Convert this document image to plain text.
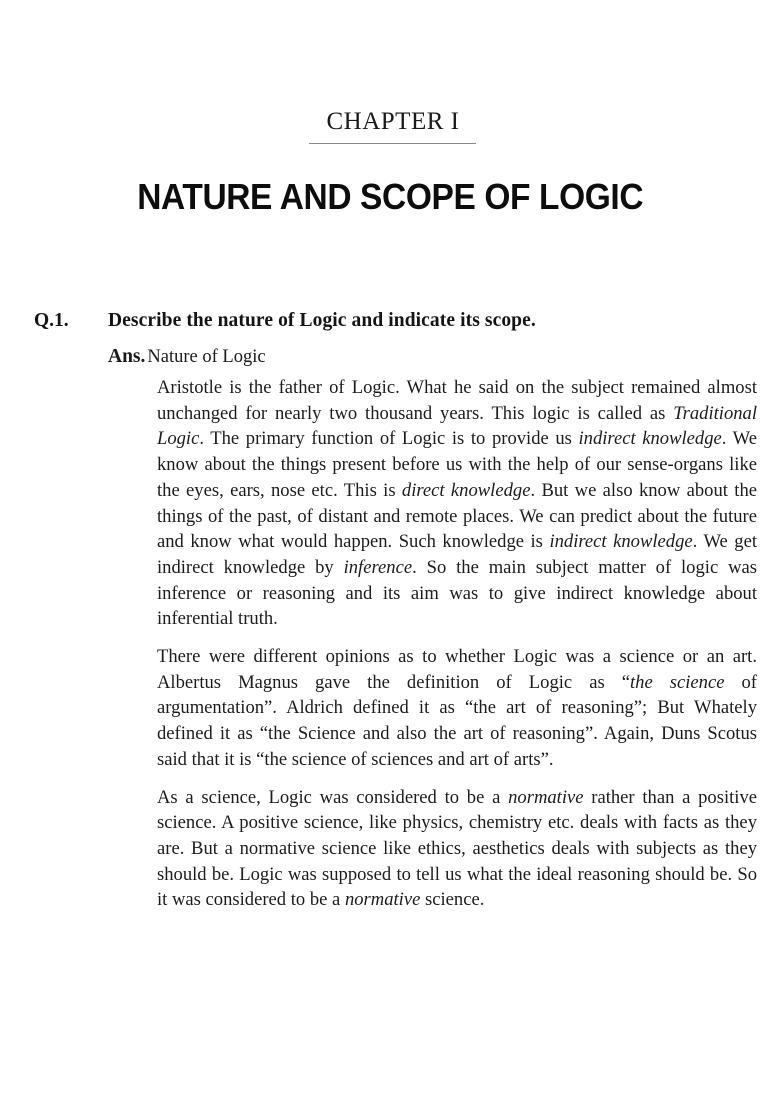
CHAPTER I
NATURE AND SCOPE OF LOGIC
Q.1. Describe the nature of Logic and indicate its scope.
Ans. Nature of Logic

Aristotle is the father of Logic. What he said on the subject remained almost unchanged for nearly two thousand years. This logic is called as Traditional Logic. The primary function of Logic is to provide us indirect knowledge. We know about the things present before us with the help of our sense-organs like the eyes, ears, nose etc. This is direct knowledge. But we also know about the things of the past, of distant and remote places. We can predict about the future and know what would happen. Such knowledge is indirect knowledge. We get indirect knowledge by inference. So the main subject matter of logic was inference or reasoning and its aim was to give indirect knowledge about inferential truth.

There were different opinions as to whether Logic was a science or an art. Albertus Magnus gave the definition of Logic as “the science of argumentation”. Aldrich defined it as “the art of reasoning”; But Whately defined it as “the Science and also the art of reasoning”. Again, Duns Scotus said that it is “the science of sciences and art of arts”.

As a science, Logic was considered to be a normative rather than a positive science. A positive science, like physics, chemistry etc. deals with facts as they are. But a normative science like ethics, aesthetics deals with subjects as they should be. Logic was supposed to tell us what the ideal reasoning should be. So it was considered to be a normative science.
